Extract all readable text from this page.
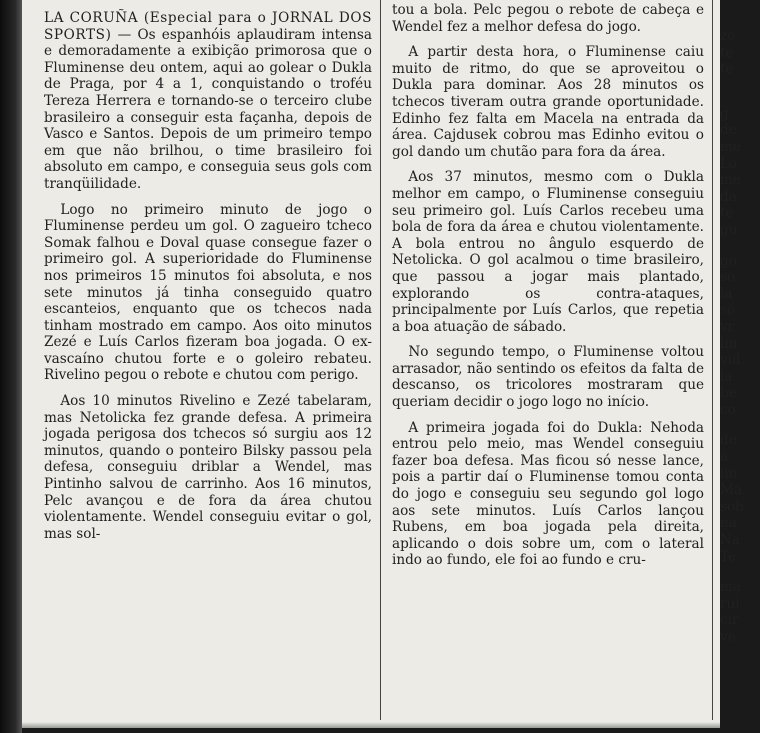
LA CORUÑA (Especial para o JORNAL DOS SPORTS) — Os espanhóis aplaudiram intensa e demoradamente a exibição primorosa que o Fluminense deu ontem, aqui ao golear o Dukla de Praga, por 4 a 1, conquistando o troféu Tereza Herrera e tornando-se o terceiro clube brasileiro a conseguir esta façanha, depois de Vasco e Santos. Depois de um primeiro tempo em que não brilhou, o time brasileiro foi absoluto em campo, e conseguia seus gols com tranqüilidade.

Logo no primeiro minuto de jogo o Fluminense perdeu um gol. O zagueiro tcheco Somak falhou e Doval quase consegue fazer o primeiro gol. A superioridade do Fluminense nos primeiros 15 minutos foi absoluta, e nos sete minutos já tinha conseguido quatro escanteios, enquanto que os tchecos nada tinham mostrado em campo. Aos oito minutos Zezé e Luís Carlos fizeram boa jogada. O ex-vascaíno chutou forte e o goleiro rebateu. Rivelino pegou o rebote e chutou com perigo.

Aos 10 minutos Rivelino e Zezé tabelaram, mas Netolicka fez grande defesa. A primeira jogada perigosa dos tchecos só surgiu aos 12 minutos, quando o ponteiro Bilsky passou pela defesa, conseguiu driblar a Wendel, mas Pintinho salvou de carrinho. Aos 16 minutos, Pelc avançou e de fora da área chutou violentamente. Wendel conseguiu evitar o gol, mas sol-

tou a bola. Pelc pegou o rebote de cabeça e Wendel fez a melhor defesa do jogo.

A partir desta hora, o Fluminense caiu muito de ritmo, do que se aproveitou o Dukla para dominar. Aos 28 minutos os tchecos tiveram outra grande oportunidade. Edinho fez falta em Macela na entrada da área. Cajdusek cobrou mas Edinho evitou o gol dando um chutão para fora da área.

Aos 37 minutos, mesmo com o Dukla melhor em campo, o Fluminense conseguiu seu primeiro gol. Luís Carlos recebeu uma bola de fora da área e chutou violentamente. A bola entrou no ângulo esquerdo de Netolicka. O gol acalmou o time brasileiro, que passou a jogar mais plantado, explorando os contra-ataques, principalmente por Luís Carlos, que repetia a boa atuação de sábado.

No segundo tempo, o Fluminense voltou arrasador, não sentindo os efeitos da falta de descanso, os tricolores mostraram que queriam decidir o jogo logo no início.

A primeira jogada foi do Dukla: Nehoda entrou pelo meio, mas Wendel conseguiu fazer boa defesa. Mas ficou só nesse lance, pois a partir daí o Fluminense tomou conta do jogo e conseguiu seu segundo gol logo aos sete minutos. Luís Carlos lançou Rubens, em boa jogada pela direita, aplicando o dois sobre um, com o lateral indo ao fundo, ele foi ao fundo e cru-

zo
te
te
g
de
me
Lo
me
da
te
gu
go
so
la
só
vr
lin
vid
la
be
co
de
a
lin
Ma
sob
na
Na
Te
ma
rui
cir
ve
